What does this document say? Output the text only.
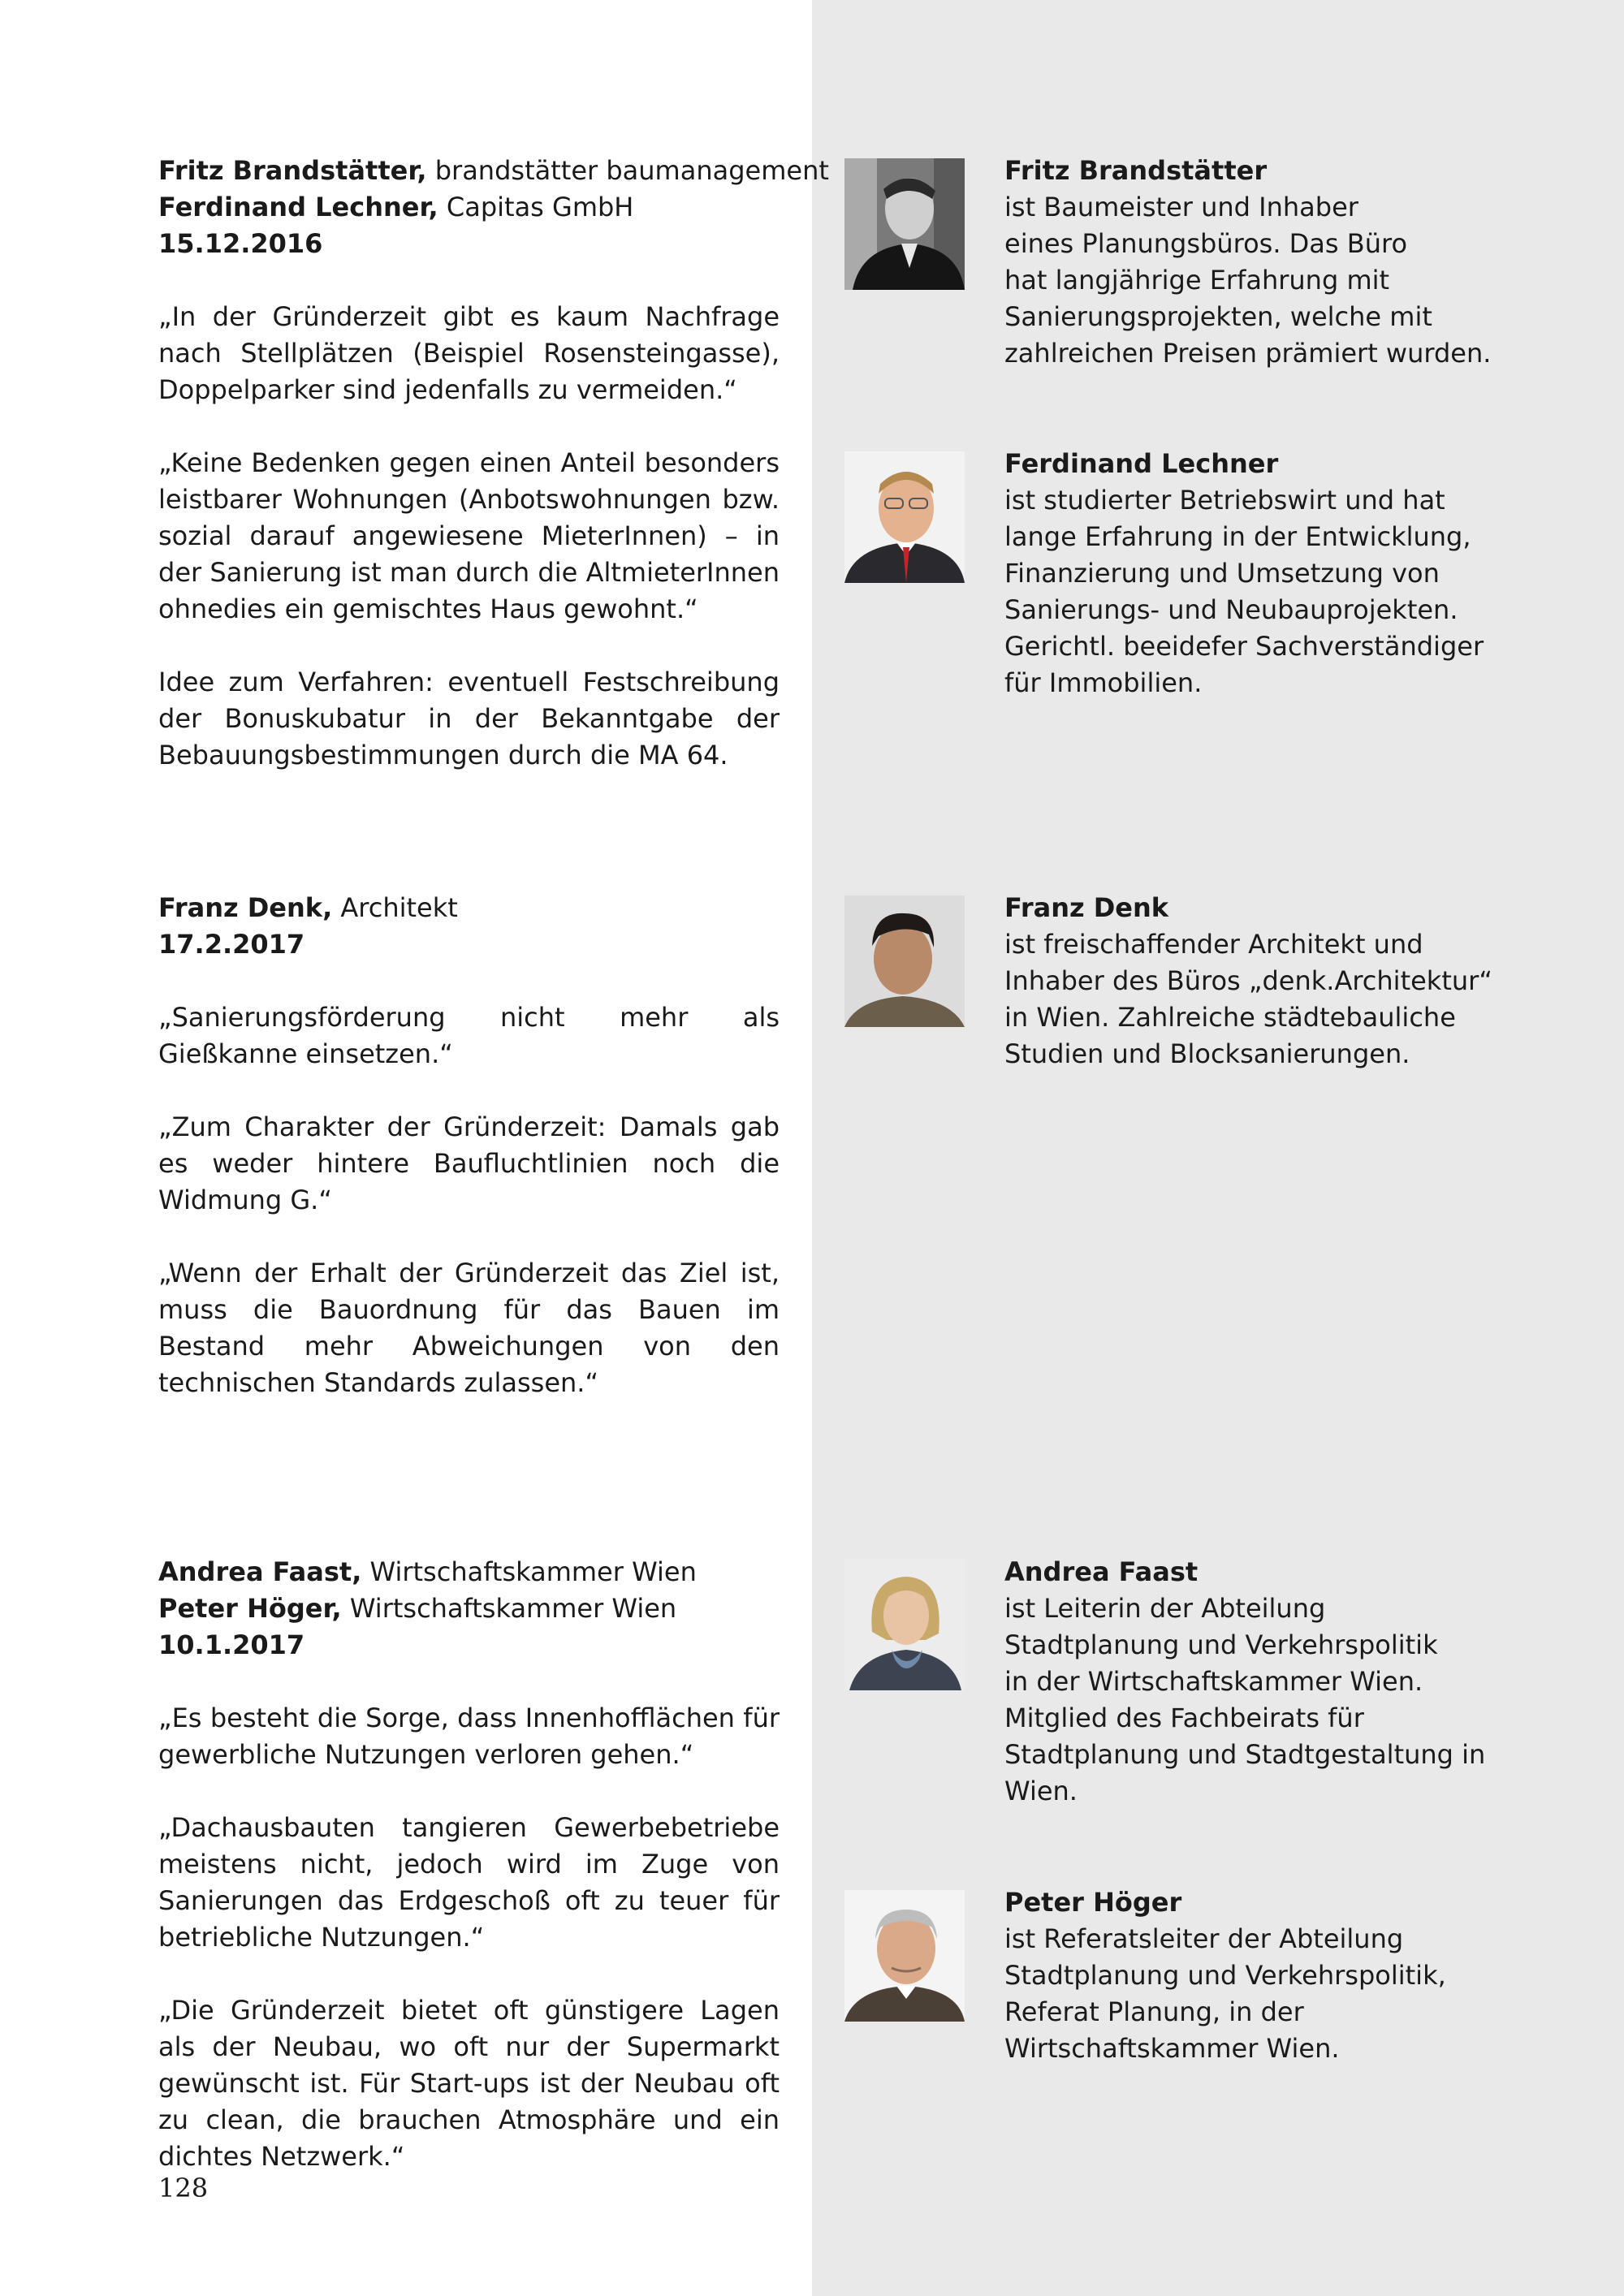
Fritz Brandstätter, brandstätter baumanagement
Ferdinand Lechner, Capitas GmbH
15.12.2016

„In der Gründerzeit gibt es kaum Nachfrage nach Stellplätzen (Beispiel Rosensteingasse), Doppelparker sind jedenfalls zu vermeiden.“

„Keine Bedenken gegen einen Anteil besonders leistbarer Wohnungen (Anbotswohnungen bzw. sozial darauf angewiesene MieterInnen) – in der Sanierung ist man durch die AltmieterInnen ohnedies ein gemischtes Haus gewohnt.“

Idee zum Verfahren: eventuell Festschreibung der Bonuskubatur in der Bekanntgabe der Bebauungsbestimmungen durch die MA 64.

Franz Denk, Architekt
17.2.2017

„Sanierungsförderung nicht mehr als Gießkanne einsetzen.“

„Zum Charakter der Gründerzeit: Damals gab es weder hintere Baufluchtlinien noch die Widmung G.“

„Wenn der Erhalt der Gründerzeit das Ziel ist, muss die Bauordnung für das Bauen im Bestand mehr Abweichungen von den technischen Standards zulassen.“

Andrea Faast, Wirtschaftskammer Wien
Peter Höger, Wirtschaftskammer Wien
10.1.2017

„Es besteht die Sorge, dass Innenhofflächen für gewerbliche Nutzungen verloren gehen.“

„Dachausbauten tangieren Gewerbebetriebe meistens nicht, jedoch wird im Zuge von Sanierungen das Erdgeschoß oft zu teuer für betriebliche Nutzungen.“

„Die Gründerzeit bietet oft günstigere Lagen als der Neubau, wo oft nur der Supermarkt gewünscht ist. Für Start-ups ist der Neubau oft zu clean, die brauchen Atmosphäre und ein dichtes Netzwerk.“

Fritz Brandstätter
ist Baumeister und Inhaber
eines Planungsbüros. Das Büro
hat langjährige Erfahrung mit
Sanierungsprojekten, welche mit
zahlreichen Preisen prämiert wurden.
Ferdinand Lechner
ist studierter Betriebswirt und hat
lange Erfahrung in der Entwicklung,
Finanzierung und Umsetzung von
Sanierungs- und Neubauprojekten.
Gerichtl. beeidefer Sachverständiger
für Immobilien.
Franz Denk
ist freischaffender Architekt und
Inhaber des Büros „denk.Architektur“
in Wien. Zahlreiche städtebauliche
Studien und Blocksanierungen.
Andrea Faast
ist Leiterin der Abteilung
Stadtplanung und Verkehrspolitik
in der Wirtschaftskammer Wien.
Mitglied des Fachbeirats für
Stadtplanung und Stadtgestaltung in
Wien.
Peter Höger
ist Referatsleiter der Abteilung
Stadtplanung und Verkehrspolitik,
Referat Planung, in der
Wirtschaftskammer Wien.
128
